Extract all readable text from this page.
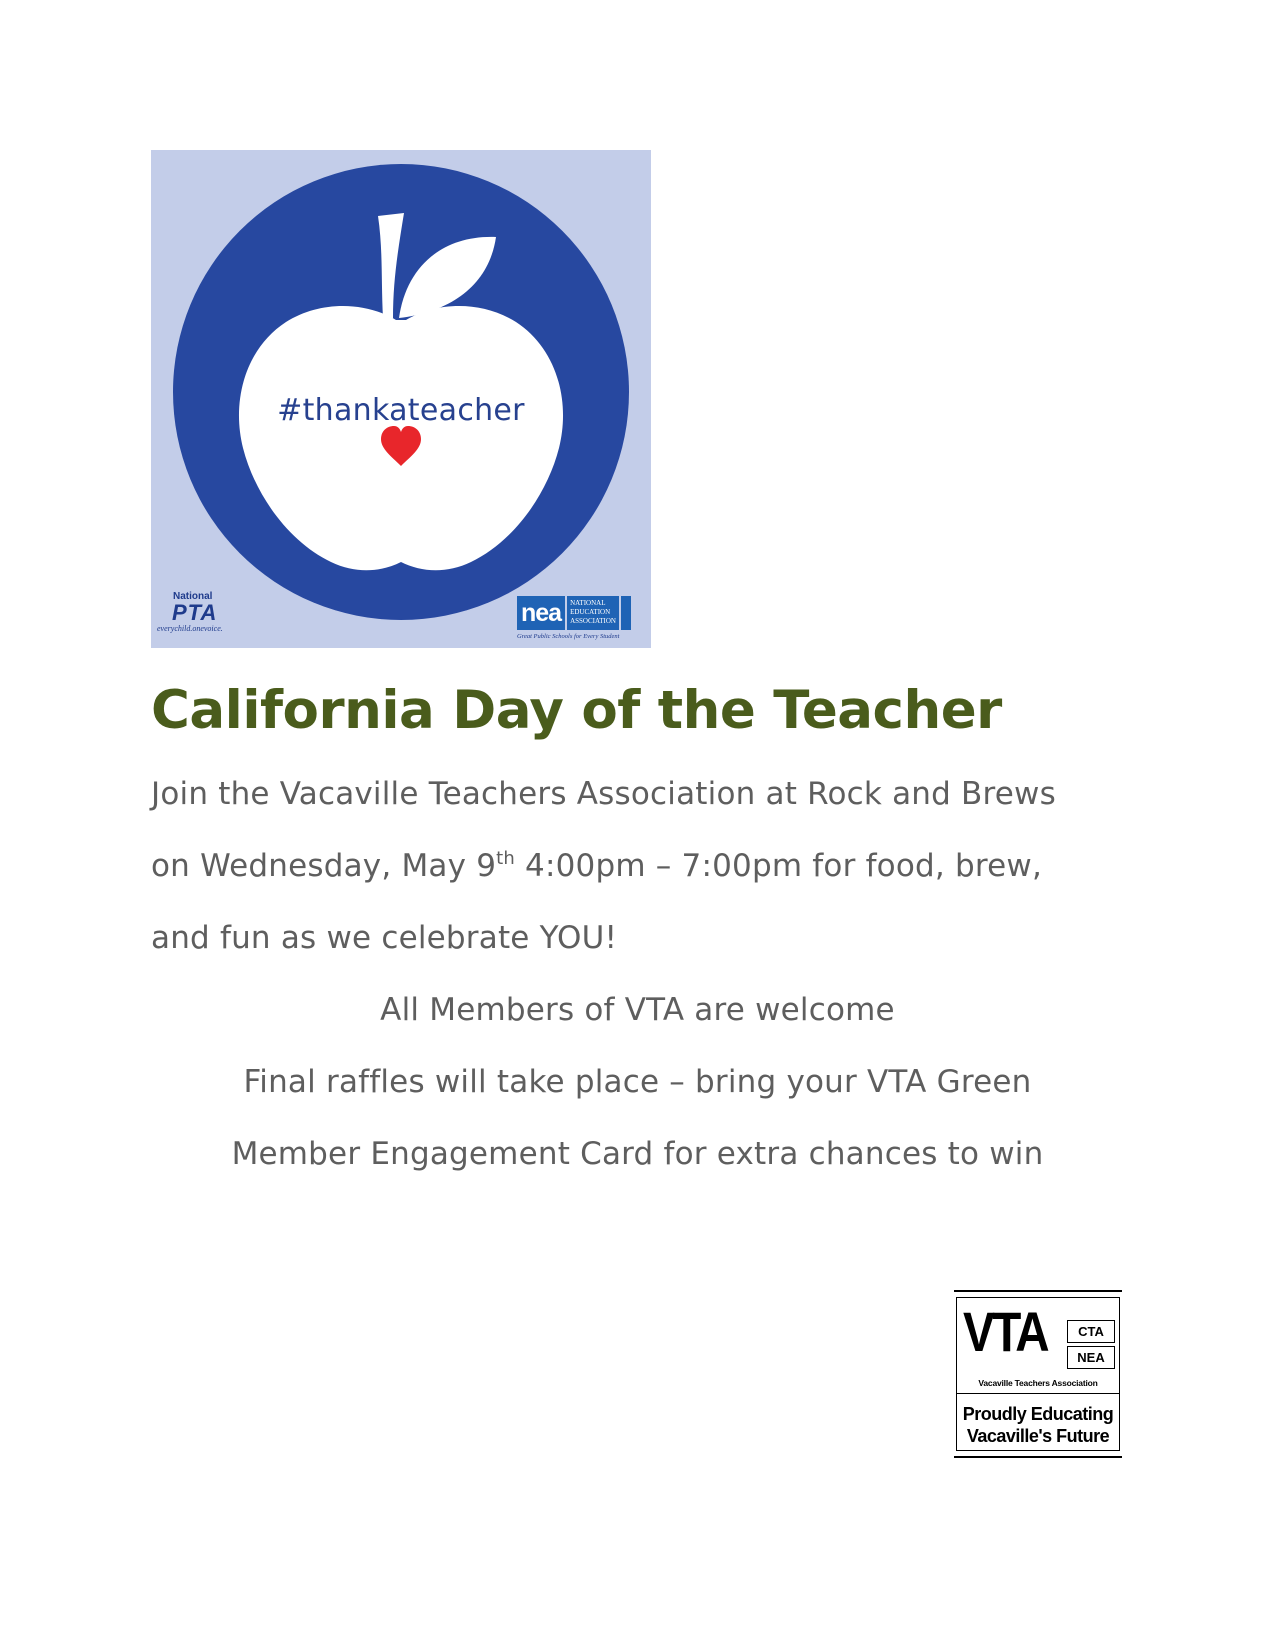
#thankateacher
National
PTA
everychild.onevoice.
nea	NATIONAL
EDUCATION
ASSOCIATION
Great Public Schools for Every Student
California Day of the Teacher
Join the Vacaville Teachers Association at Rock and Brews
on Wednesday, May 9th 4:00pm – 7:00pm for food, brew,
and fun as we celebrate YOU!
All Members of VTA are welcome
Final raffles will take place – bring your VTA Green
Member Engagement Card for extra chances to win
VTA	CTA
NEA
Vacaville Teachers Association
Proudly Educating
Vacaville's Future
